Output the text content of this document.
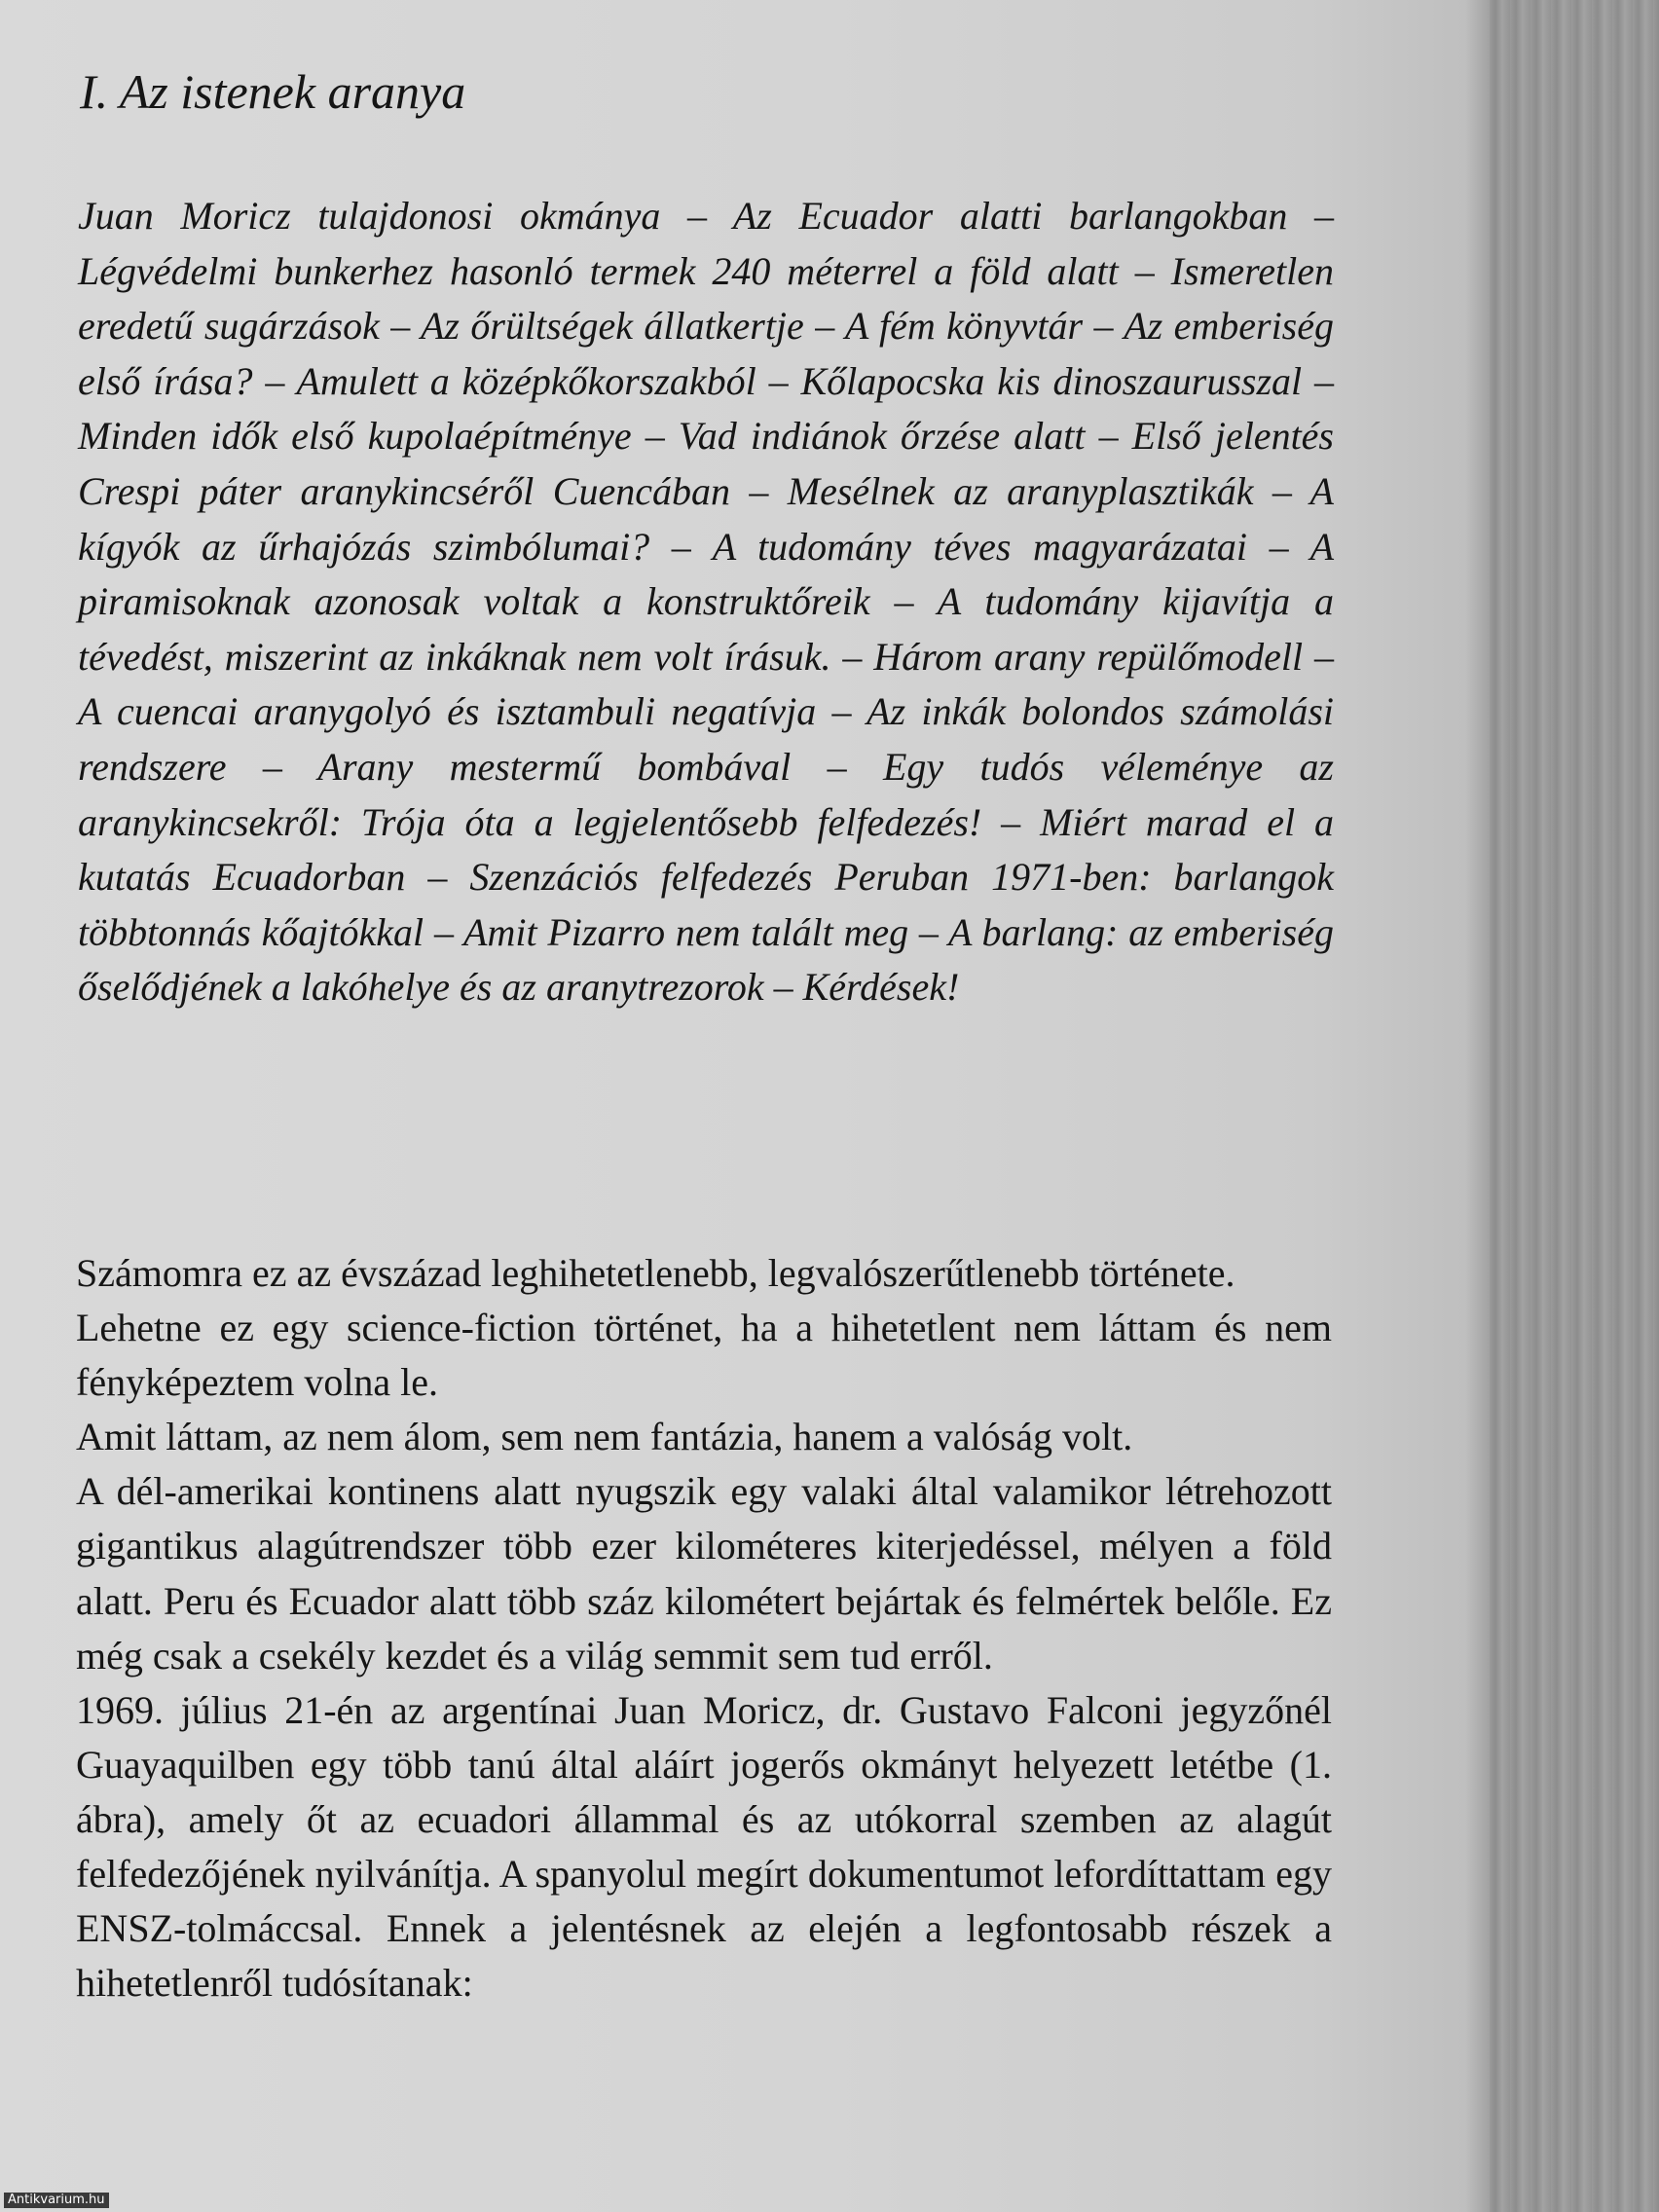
I. Az istenek aranya

Juan Moricz tulajdonosi okmánya – Az Ecuador alatti barlangokban – Légvédelmi bunkerhez hasonló termek 240 méterrel a föld alatt – Ismeretlen eredetű sugárzások – Az őrültségek állatkertje – A fém könyvtár – Az emberiség első írása? – Amulett a középkőkorszakból – Kőlapocska kis dinoszaurusszal – Minden idők első kupolaépítménye – Vad indiánok őrzése alatt – Első jelentés Crespi páter aranykincséről Cuencában – Mesélnek az aranyplasztikák – A kígyók az űrhajózás szimbólumai? – A tudomány téves magyarázatai – A piramisoknak azonosak voltak a konstruktőreik – A tudomány kijavítja a tévedést, miszerint az inkáknak nem volt írásuk. – Három arany repülőmodell – A cuencai aranygolyó és isztambuli negatívja – Az inkák bolondos számolási rendszere – Arany mestermű bombával – Egy tudós véleménye az aranykincsekről: Trója óta a legjelentősebb felfedezés! – Miért marad el a kutatás Ecuadorban – Szenzációs felfedezés Peruban 1971-ben: barlangok többtonnás kőajtókkal – Amit Pizarro nem talált meg – A barlang: az emberiség őselődjének a lakóhelye és az aranytrezorok – Kérdések!

Számomra ez az évszázad leghihetetlenebb, legvalószerűtlenebb története.

Lehetne ez egy science-fiction történet, ha a hihetetlent nem láttam és nem fényképeztem volna le.

Amit láttam, az nem álom, sem nem fantázia, hanem a valóság volt.

A dél-amerikai kontinens alatt nyugszik egy valaki által valamikor létrehozott gigantikus alagútrendszer több ezer kilométeres kiterjedéssel, mélyen a föld alatt. Peru és Ecuador alatt több száz kilométert bejártak és felmértek belőle. Ez még csak a csekély kezdet és a világ semmit sem tud erről.

1969. július 21-én az argentínai Juan Moricz, dr. Gustavo Falconi jegyzőnél Guayaquilben egy több tanú által aláírt jogerős okmányt helyezett letétbe (1. ábra), amely őt az ecuadori állammal és az utókorral szemben az alagút felfedezőjének nyilvánítja. A spanyolul megírt dokumentumot lefordíttattam egy ENSZ-tolmáccsal. Ennek a jelentésnek az elején a legfontosabb részek a hihetetlenről tudósítanak:

Antikvarium.hu
